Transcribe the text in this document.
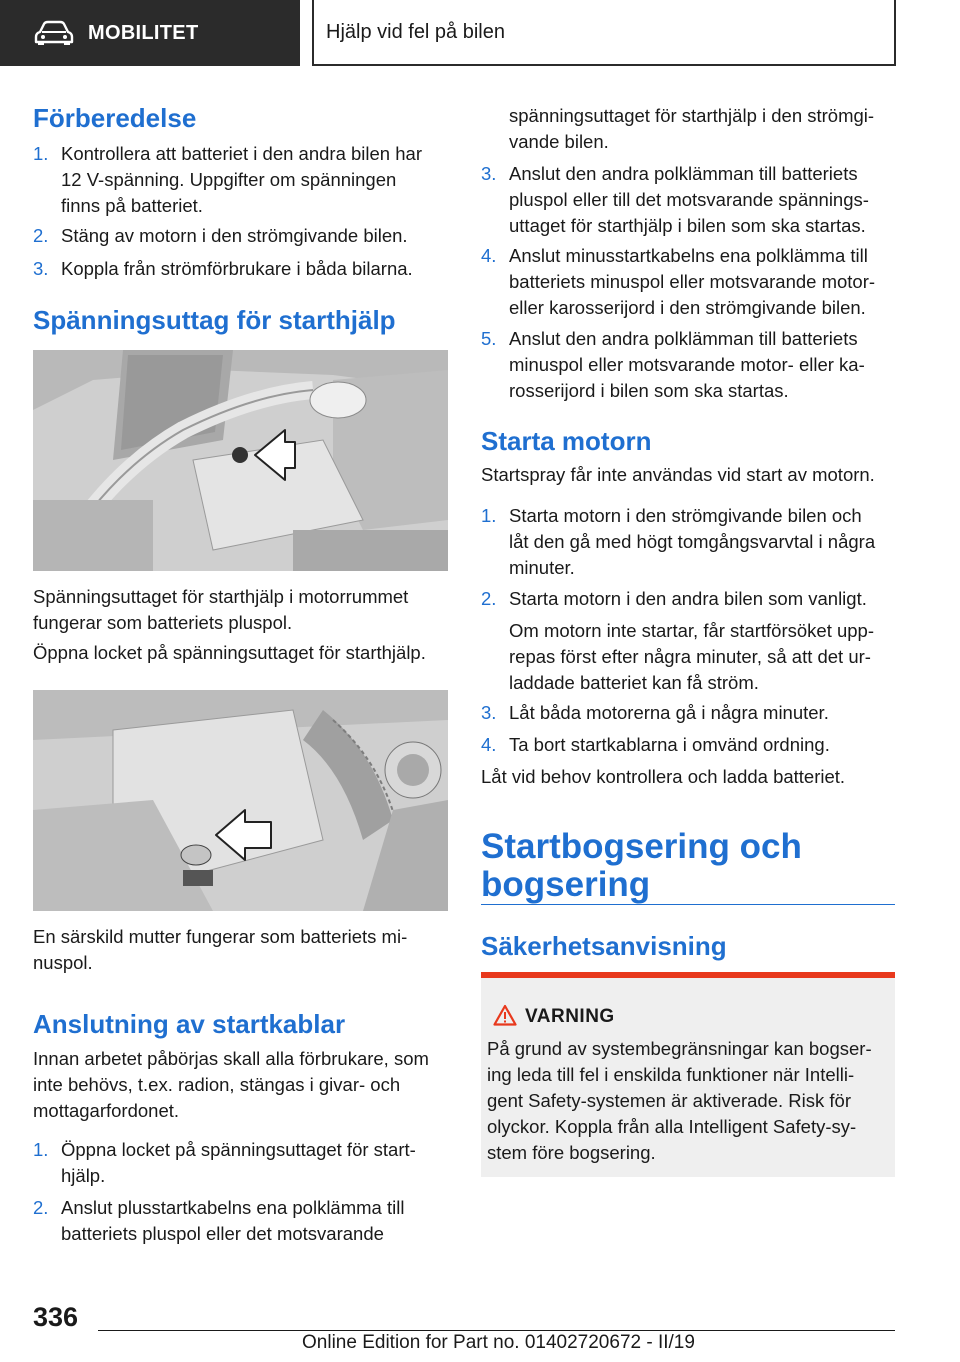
MOBILITET	Hjälp vid fel på bilen
Förberedelse
1. Kontrollera att batteriet i den andra bilen har
12 V-spänning. Uppgifter om spänningen
finns på batteriet.
2. Stäng av motorn i den strömgivande bilen.
3. Koppla från strömförbrukare i båda bilarna.
Spänningsuttag för starthjälp
Spänningsuttaget för starthjälp i motorrummet
fungerar som batteriets pluspol.
Öppna locket på spänningsuttaget för starthjälp.
En särskild mutter fungerar som batteriets mi-
nuspol.
Anslutning av startkablar
Innan arbetet påbörjas skall alla förbrukare, som
inte behövs, t.ex. radion, stängas i givar- och
mottagarfordonet.
1. Öppna locket på spänningsuttaget för start-
hjälp.
2. Anslut plusstartkabelns ena polklämma till
batteriets pluspol eller det motsvarande
spänningsuttaget för starthjälp i den strömgi-
vande bilen.
3. Anslut den andra polklämman till batteriets
pluspol eller till det motsvarande spännings-
uttaget för starthjälp i bilen som ska startas.
4. Anslut minusstartkabelns ena polklämma till
batteriets minuspol eller motsvarande motor-
eller karosserijord i den strömgivande bilen.
5. Anslut den andra polklämman till batteriets
minuspol eller motsvarande motor- eller ka-
rosserijord i bilen som ska startas.
Starta motorn
Startspray får inte användas vid start av motorn.
1. Starta motorn i den strömgivande bilen och
låt den gå med högt tomgångsvarvtal i några
minuter.
2. Starta motorn i den andra bilen som vanligt.
Om motorn inte startar, får startförsöket upp-
repas först efter några minuter, så att det ur-
laddade batteriet kan få ström.
3. Låt båda motorerna gå i några minuter.
4. Ta bort startkablarna i omvänd ordning.
Låt vid behov kontrollera och ladda batteriet.
Startbogsering och
bogsering
Säkerhetsanvisning
VARNING
På grund av systembegränsningar kan bogser-
ing leda till fel i enskilda funktioner när Intelli-
gent Safety-systemen är aktiverade. Risk för
olyckor. Koppla från alla Intelligent Safety-sy-
stem före bogsering.
336
Online Edition for Part no. 01402720672 - II/19
